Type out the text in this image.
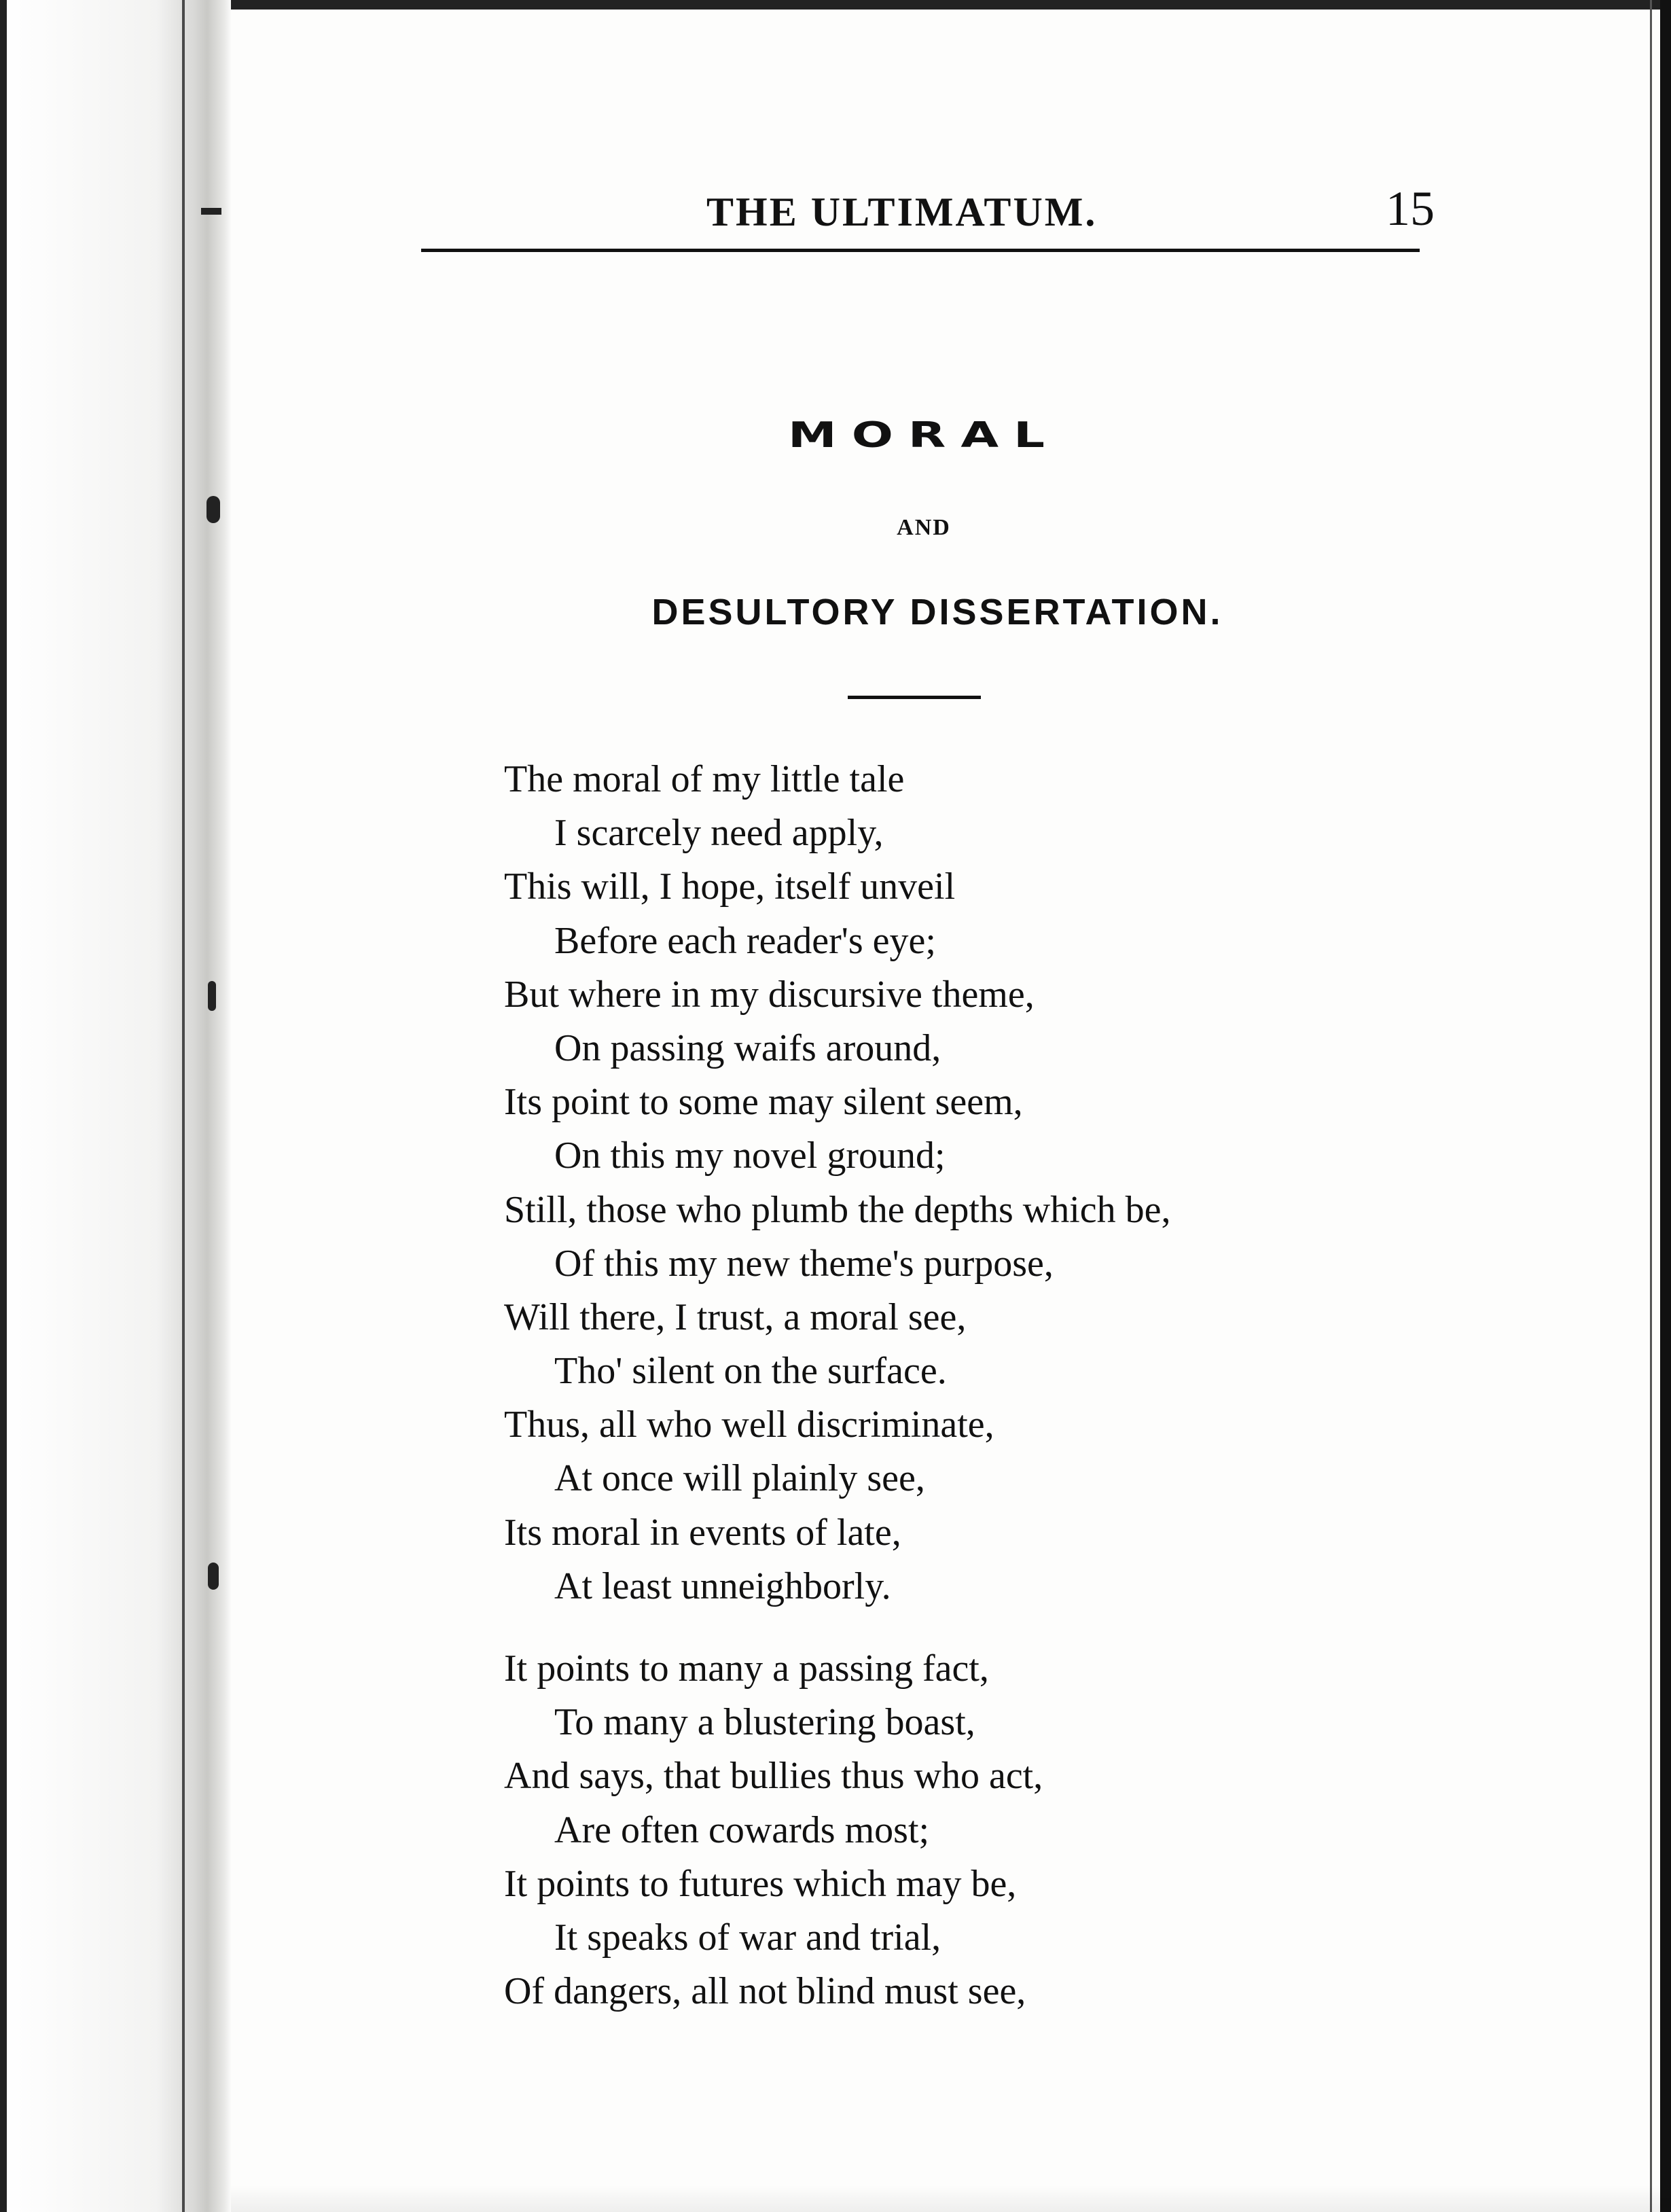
THE ULTIMATUM.	15
MORAL
AND
DESULTORY DISSERTATION.
The moral of my little tale
I scarcely need apply,
This will, I hope, itself unveil
Before each reader's eye;
But where in my discursive theme,
On passing waifs around,
Its point to some may silent seem,
On this my novel ground;
Still, those who plumb the depths which be,
Of this my new theme's purpose,
Will there, I trust, a moral see,
Tho' silent on the surface.
Thus, all who well discriminate,
At once will plainly see,
Its moral in events of late,
At least unneighborly.
It points to many a passing fact,
To many a blustering boast,
And says, that bullies thus who act,
Are often cowards most;
It points to futures which may be,
It speaks of war and trial,
Of dangers, all not blind must see,
